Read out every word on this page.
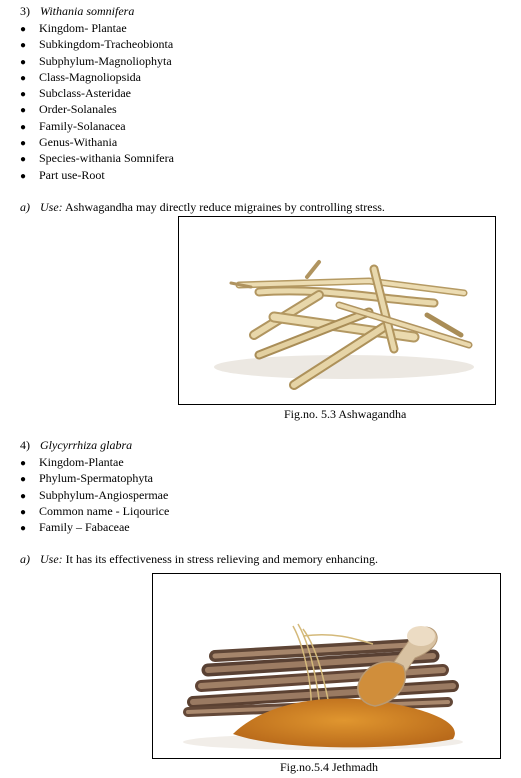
3) Withania somnifera
● Kingdom- Plantae
● Subkingdom-Tracheobionta
● Subphylum-Magnoliophyta
● Class-Magnoliopsida
● Subclass-Asteridae
● Order-Solanales
● Family-Solanacea
● Genus-Withania
● Species-withania Somnifera
● Part use-Root
a) Use: Ashwagandha may directly reduce migraines by controlling stress.
Fig.no. 5.3 Ashwagandha
4) Glycyrrhiza glabra
● Kingdom-Plantae
● Phylum-Spermatophyta
● Subphylum-Angiospermae
● Common name - Liqourice
● Family – Fabaceae
a) Use: It has its effectiveness in stress relieving and memory enhancing.
Fig.no.5.4 Jethmadh
